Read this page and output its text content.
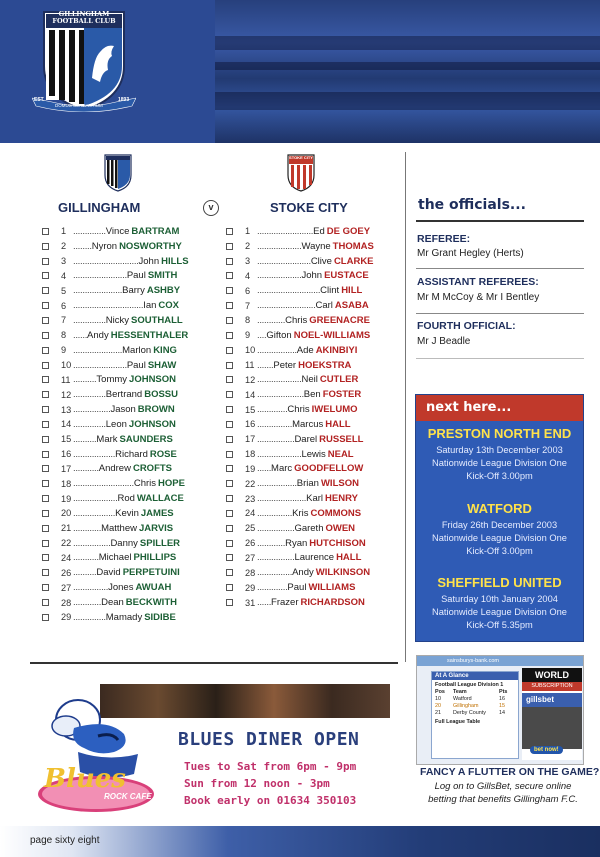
GILLINGHAM
FOOTBALL CLUB
EST.	1893
DOMUS CLAMANTIUM
STOKE CITY
GILLINGHAM	v	STOKE CITY
1 .............. Vince BARTRAM
2 ........ Nyron NOSWORTHY
3 ............................ John HILLS
4 ....................... Paul SMITH
5 ..................... Barry ASHBY
6 .............................. Ian COX
7 .............. Nicky SOUTHALL
8 ...... Andy HESSENTHALER
9 ..................... Marlon KING
10 ....................... Paul SHAW
11 .......... Tommy JOHNSON
12 .............. Bertrand BOSSU
13 ................ Jason BROWN
14 .............. Leon JOHNSON
15 .......... Mark SAUNDERS
16 .................. Richard ROSE
17 ........... Andrew CROFTS
18 .......................... Chris HOPE
19 ................... Rod WALLACE
20 .................. Kevin JAMES
21 ............ Matthew JARVIS
22 ................ Danny SPILLER
24 ........... Michael PHILLIPS
26 .......... David PERPETUINI
27 ............... Jones AWUAH
28 ............ Dean BECKWITH
29 .............. Mamady SIDIBE
1 ........................ Ed DE GOEY
2 ................... Wayne THOMAS
3 ....................... Clive CLARKE
4 ................... John EUSTACE
6 ........................... Clint HILL
7 ......................... Carl ASABA
8 ............ Chris GREENACRE
9 .... Gifton NOEL-WILLIAMS
10 ................. Ade AKINBIYI
11 ....... Peter HOEKSTRA
12 ................... Neil CUTLER
14 .................... Ben FOSTER
15 ............. Chris IWELUMO
16 ............... Marcus HALL
17 ................ Darel RUSSELL
18 ................... Lewis NEAL
19 ...... Marc GOODFELLOW
22 ................. Brian WILSON
23 ..................... Karl HENRY
24 ............... Kris COMMONS
25 ................ Gareth OWEN
26 ............ Ryan HUTCHISON
27 ................ Laurence HALL
28 ............... Andy WILKINSON
29 ............. Paul WILLIAMS
31 ...... Frazer RICHARDSON
the officials...
REFEREE:
Mr Grant Hegley (Herts)
ASSISTANT REFEREES:
Mr M McCoy & Mr I Bentley
FOURTH OFFICIAL:
Mr J Beadle
next here...
PRESTON NORTH END
Saturday 13th December 2003
Nationwide League Division One
Kick-Off 3.00pm
WATFORD
Friday 26th December 2003
Nationwide League Division One
Kick-Off 3.00pm
SHEFFIELD UNITED
Saturday 10th January 2004
Nationwide League Division One
Kick-Off 5.35pm
Blues
ROCK CAFE
BLUES DINER OPEN
Tues to Sat from 6pm - 9pm
Sun from 12 noon - 3pm
Book early on 01634 350103
sainsburys-bank.com
At A Glance
Football League Division 1
Pos	Team	Pts
10	Watford	16
20	Gillingham	15
21	Derby County	14
Full League Table
WORLD
SUBSCRIPTION
gillsbet
bet now!
FANCY A FLUTTER ON THE GAME?
Log on to GillsBet, secure online
betting that benefits Gillingham F.C.
page sixty eight
